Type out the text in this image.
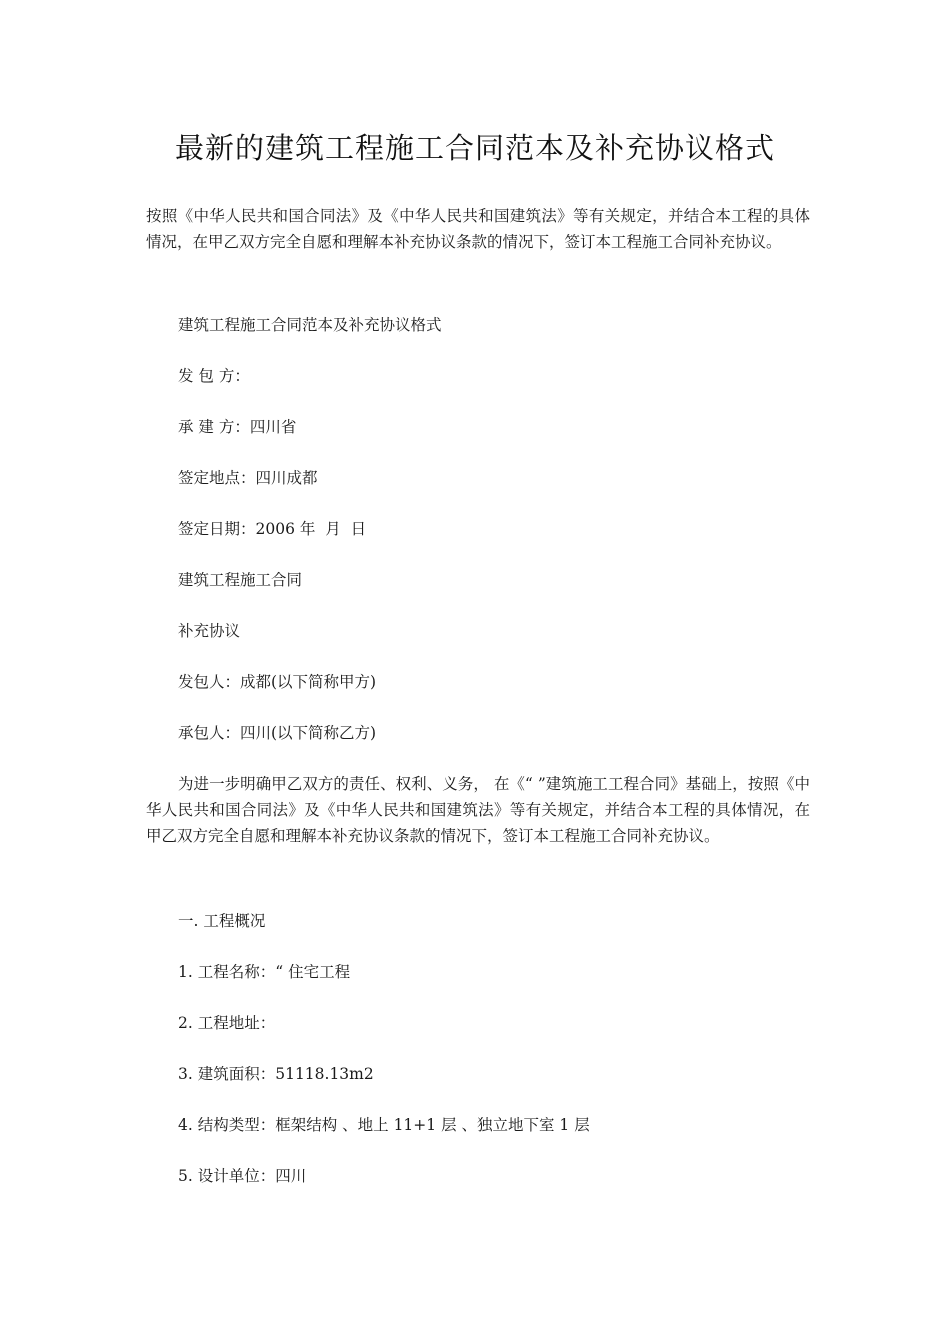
最新的建筑工程施工合同范本及补充协议格式
按照《中华人民共和国合同法》及《中华人民共和国建筑法》等有关规定，并结合本工程的具体情况，在甲乙双方完全自愿和理解本补充协议条款的情况下，签订本工程施工合同补充协议。
建筑工程施工合同范本及补充协议格式
发 包 方：
承 建 方：四川省
签定地点：四川成都
签定日期：2006 年  月  日
建筑工程施工合同
补充协议
发包人：成都(以下简称甲方)
承包人：四川(以下简称乙方)
为进一步明确甲乙双方的责任、权利、义务， 在《“ ”建筑施工工程合同》基础上，按照《中华人民共和国合同法》及《中华人民共和国建筑法》等有关规定，并结合本工程的具体情况，在甲乙双方完全自愿和理解本补充协议条款的情况下，签订本工程施工合同补充协议。
一. 工程概况
1. 工程名称：“ 住宅工程
2. 工程地址：
3. 建筑面积：51118.13m2
4. 结构类型：框架结构 、地上 11+1 层 、独立地下室 1 层
5. 设计单位：四川
